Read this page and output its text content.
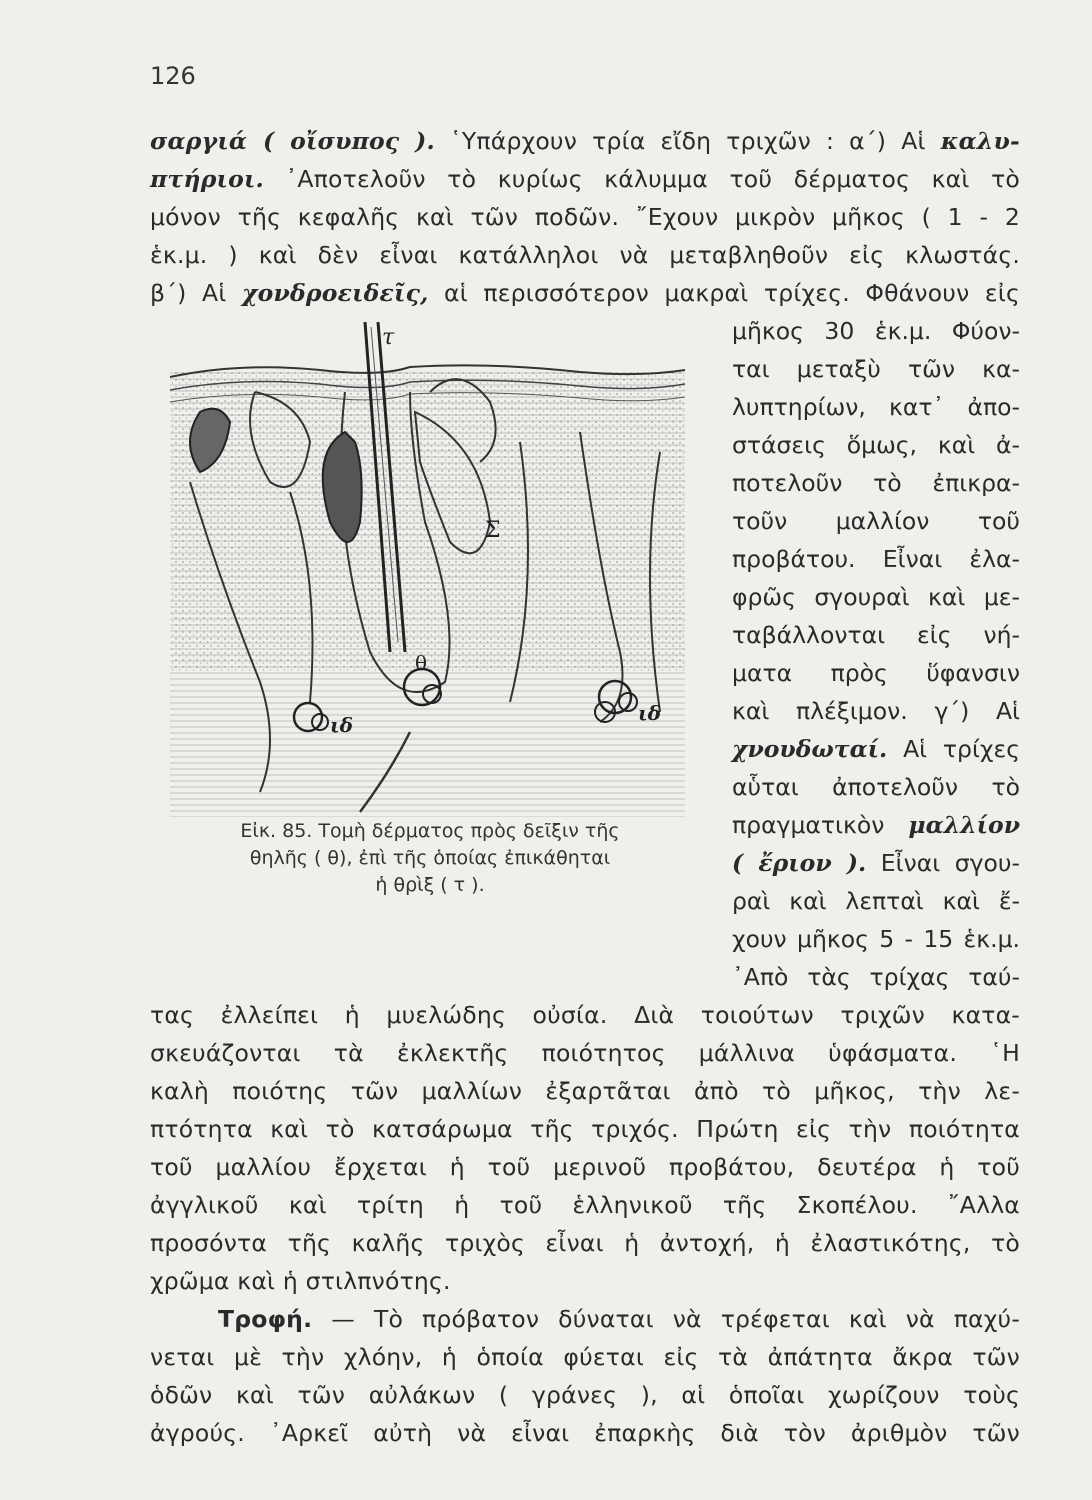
126
σαργιά ( οἴσυπος ). ῾Υπάρχουν τρία εἴδη τριχῶν : α΄) Αἱ καλυ-
πτήριοι. ᾽Αποτελοῦν τὸ κυρίως κάλυμμα τοῦ δέρματος καὶ τὸ
μόνον τῆς κεφαλῆς καὶ τῶν ποδῶν. ῎Εχουν μικρὸν μῆκος ( 1 - 2
ἑκ.μ. ) καὶ δὲν εἶναι κατάλληλοι νὰ μεταβληθοῦν εἰς κλωστάς.
β΄) Αἱ χονδροειδεῖς, αἱ περισσότερον μακραὶ τρίχες. Φθάνουν εἰς
μῆκος 30 ἑκ.μ. Φύον-
ται μεταξὺ τῶν κα-
λυπτηρίων, κατ᾽ ἀπο-
στάσεις ὅμως, καὶ ἀ-
ποτελοῦν τὸ ἐπικρα-
τοῦν μαλλίον τοῦ
προβάτου. Εἶναι ἐλα-
φρῶς σγουραὶ καὶ με-
ταβάλλονται εἰς νή-
ματα πρὸς ὕφανσιν
καὶ πλέξιμον. γ΄) Αἱ
χνουδωταί. Αἱ τρίχες
αὗται ἀποτελοῦν τὸ
πραγματικὸν μαλλίον
( ἔριον ). Εἶναι σγου-
ραὶ καὶ λεπταὶ καὶ ἔ-
χουν μῆκος 5 - 15 ἑκ.μ.
᾽Απὸ τὰς τρίχας ταύ-
τ
Σ
θ
ιδ	ιδ
Εἰκ. 85. Τομὴ δέρματος πρὸς δεῖξιν τῆς
θηλῆς ( θ), ἐπὶ τῆς ὁποίας ἐπικάθηται
ἡ θρὶξ ( τ ).
τας ἐλλείπει ἡ μυελώδης οὐσία. Διὰ τοιούτων τριχῶν κατα-
σκευάζονται τὰ ἐκλεκτῆς ποιότητος μάλλινα ὑφάσματα. ῾Η
καλὴ ποιότης τῶν μαλλίων ἐξαρτᾶται ἀπὸ τὸ μῆκος, τὴν λε-
πτότητα καὶ τὸ κατσάρωμα τῆς τριχός. Πρώτη εἰς τὴν ποιότητα
τοῦ μαλλίου ἔρχεται ἡ τοῦ μερινοῦ προβάτου, δευτέρα ἡ τοῦ
ἀγγλικοῦ καὶ τρίτη ἡ τοῦ ἑλληνικοῦ τῆς Σκοπέλου. ῎Αλλα
προσόντα τῆς καλῆς τριχὸς εἶναι ἡ ἀντοχή, ἡ ἐλαστικότης, τὸ
χρῶμα καὶ ἡ στιλπνότης.
Τροφή. — Τὸ πρόβατον δύναται νὰ τρέφεται καὶ νὰ παχύ-
νεται μὲ τὴν χλόην, ἡ ὁποία φύεται εἰς τὰ ἀπάτητα ἄκρα τῶν
ὁδῶν καὶ τῶν αὐλάκων ( γράνες ), αἱ ὁποῖαι χωρίζουν τοὺς
ἀγρούς. ᾽Αρκεῖ αὐτὴ νὰ εἶναι ἐπαρκὴς διὰ τὸν ἀριθμὸν τῶν
